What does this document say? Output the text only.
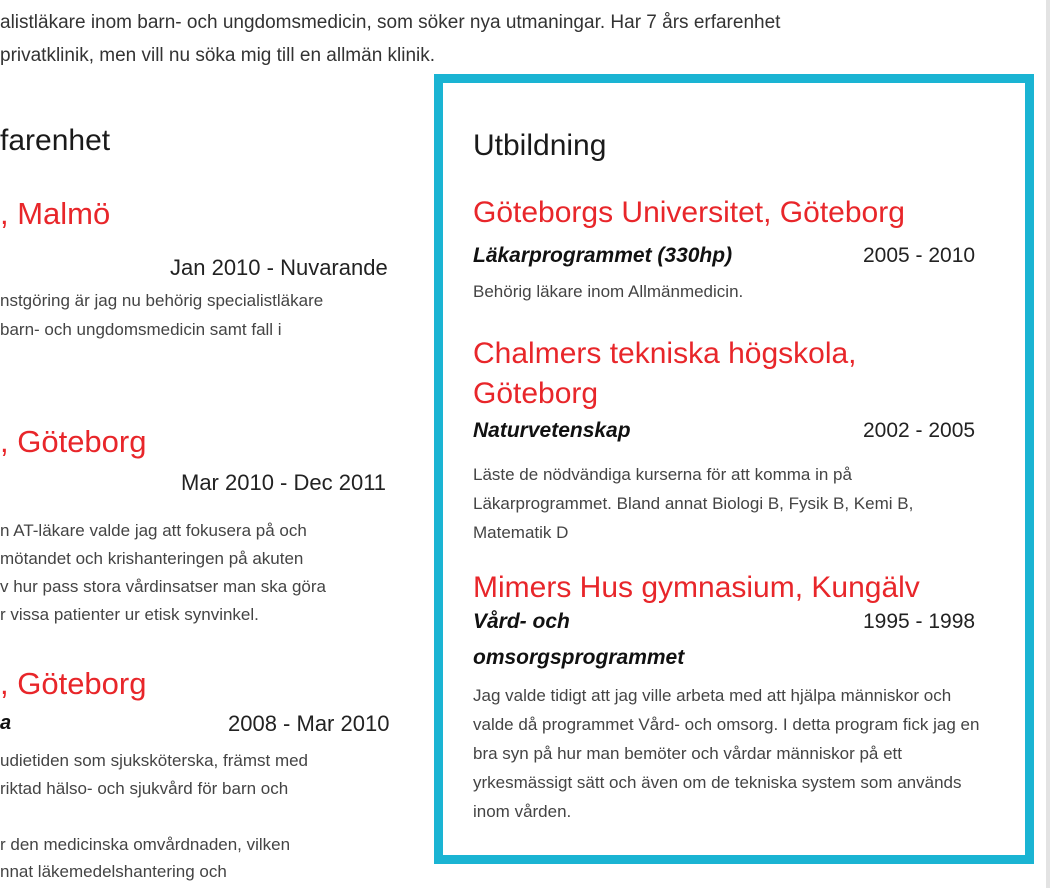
alistläkare inom barn- och ungdomsmedicin, som söker nya utmaningar. Har 7 års erfarenhet
privatklinik, men vill nu söka mig till en allmän klinik.
farenhet
, Malmö
Jan 2010 - Nuvarande
nstgöring är jag nu behörig specialistläkare
barn- och ungdomsmedicin samt fall i
, Göteborg
Mar 2010 - Dec 2011
n AT-läkare valde jag att fokusera på och
mötandet och krishanteringen på akuten
v hur pass stora vårdinsatser man ska göra
r vissa patienter ur etisk synvinkel.
, Göteborg
a	2008 - Mar 2010
udietiden som sjuksköterska, främst med
riktad hälso- och sjukvård för barn och
r den medicinska omvårdnaden, vilken
nnat läkemedelshantering och
Utbildning
Göteborgs Universitet, Göteborg
Läkarprogrammet (330hp)	2005 - 2010
Behörig läkare inom Allmänmedicin.
Chalmers tekniska högskola,
Göteborg
Naturvetenskap	2002 - 2005
Läste de nödvändiga kurserna för att komma in på Läkarprogrammet. Bland annat Biologi B, Fysik B, Kemi B, Matematik D
Mimers Hus gymnasium, Kungälv
Vård- och	1995 - 1998
omsorgsprogrammet
Jag valde tidigt att jag ville arbeta med att hjälpa människor och valde då programmet Vård- och omsorg. I detta program fick jag en bra syn på hur man bemöter och vårdar människor på ett yrkesmässigt sätt och även om de tekniska system som används inom vården.
